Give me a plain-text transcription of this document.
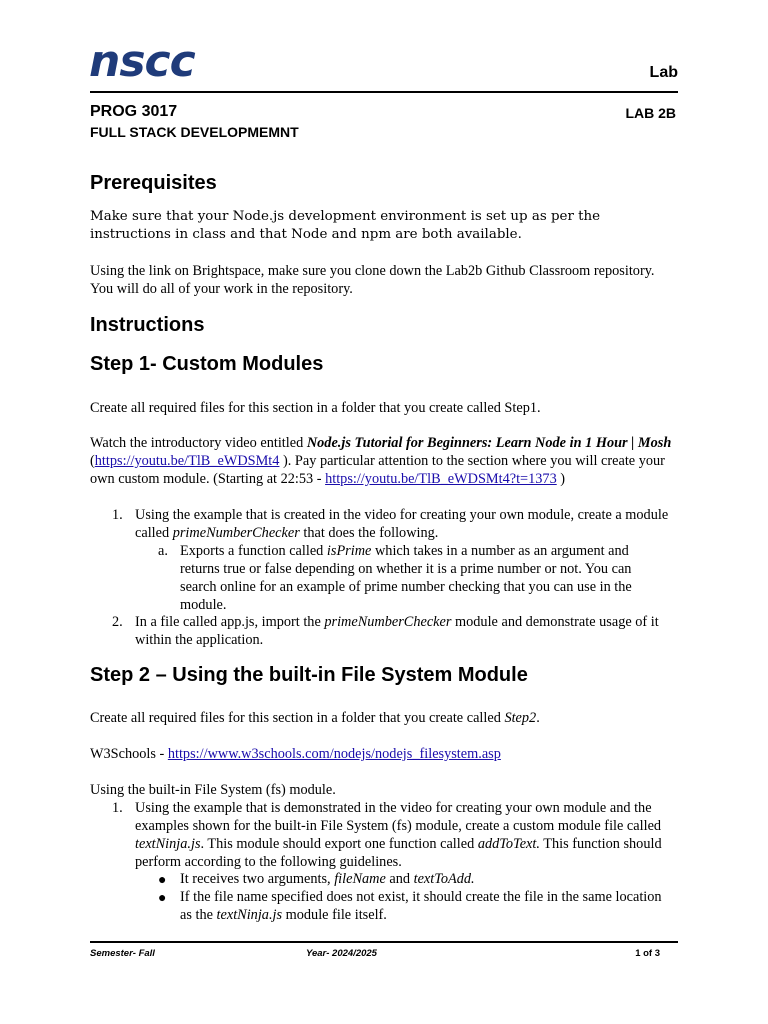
nscc	Lab
PROG 3017	LAB 2B
FULL STACK DEVELOPMEMNT
Prerequisites
Make sure that your Node.js development environment is set up as per the instructions in class and that Node and npm are both available.
Using the link on Brightspace, make sure you clone down the Lab2b Github Classroom repository. You will do all of your work in the repository.
Instructions
Step 1- Custom Modules
Create all required files for this section in a folder that you create called Step1.
Watch the introductory video entitled Node.js Tutorial for Beginners: Learn Node in 1 Hour | Mosh (https://youtu.be/TlB_eWDSMt4 ). Pay particular attention to the section where you will create your own custom module. (Starting at 22:53 - https://youtu.be/TlB_eWDSMt4?t=1373 )
1. Using the example that is created in the video for creating your own module, create a module called primeNumberChecker that does the following.
a. Exports a function called isPrime which takes in a number as an argument and returns true or false depending on whether it is a prime number or not. You can search online for an example of prime number checking that you can use in the module.
2. In a file called app.js, import the primeNumberChecker module and demonstrate usage of it within the application.
Step 2 – Using the built-in File System Module
Create all required files for this section in a folder that you create called Step2.
W3Schools - https://www.w3schools.com/nodejs/nodejs_filesystem.asp
Using the built-in File System (fs) module.
1. Using the example that is demonstrated in the video for creating your own module and the examples shown for the built-in File System (fs) module, create a custom module file called textNinja.js. This module should export one function called addToText. This function should perform according to the following guidelines.
● It receives two arguments, fileName and textToAdd.
● If the file name specified does not exist, it should create the file in the same location as the textNinja.js module file itself.
Semester- Fall	Year- 2024/2025	1 of 3
